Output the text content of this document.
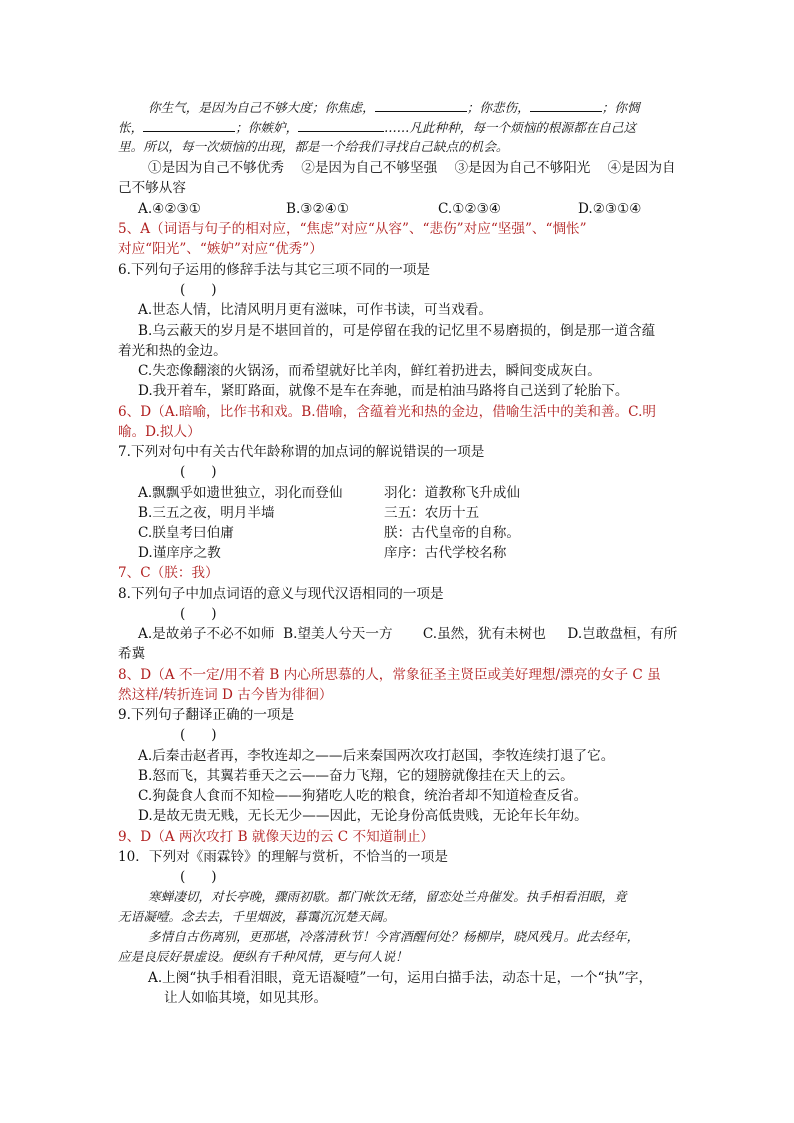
你生气，是因为自己不够大度；你焦虑，	；你悲伤，	；你惆
怅，	；你嫉妒，	……凡此种种，每一个烦恼的根源都在自己这
里。所以，每一次烦恼的出现，都是一个给我们寻找自己缺点的机会。
①是因为自己不够优秀    ②是因为自己不够坚强    ③是因为自己不够阳光    ④是因为自
己不够从容
A.④②③①	B.③②④①	C.①②③④	D.②③①④
5、A（词语与句子的相对应，“焦虑”对应“从容”、“悲伤”对应“坚强”、“惆怅”
对应“阳光”、“嫉妒”对应“优秀”）
6.下列句子运用的修辞手法与其它三项不同的一项是
(      )
A.世态人情，比清风明月更有滋味，可作书读，可当戏看。
B.乌云蔽天的岁月是不堪回首的，可是停留在我的记忆里不易磨损的，倒是那一道含蕴
着光和热的金边。
C.失恋像翻滚的火锅汤，而希望就好比羊肉，鲜红着扔进去，瞬间变成灰白。
D.我开着车，紧盯路面，就像不是车在奔驰，而是柏油马路将自己送到了轮胎下。
6、D（A.暗喻，比作书和戏。B.借喻，含蕴着光和热的金边，借喻生活中的美和善。C.明
喻。D.拟人）
7.下列对句中有关古代年龄称谓的加点词的解说错误的一项是
(      )
A.飘飘乎如遗世独立，羽化而登仙	羽化：道教称飞升成仙
B.三五之夜，明月半墙	三五：农历十五
C.朕皇考曰伯庸	朕：古代皇帝的自称。
D.谨庠序之教	庠序：古代学校名称
7、C（朕：我）
8.下列句子中加点词语的意义与现代汉语相同的一项是
(      )
A.是故弟子不必不如师  B.望美人兮天一方       C.虽然，犹有未树也     D.岂敢盘桓，有所
希冀
8、D（A 不一定/用不着 B 内心所思慕的人，常象征圣主贤臣或美好理想/漂亮的女子 C 虽
然这样/转折连词 D 古今皆为徘徊）
9.下列句子翻译正确的一项是
(      )
A.后秦击赵者再，李牧连却之——后来秦国两次攻打赵国，李牧连续打退了它。
B.怒而飞，其翼若垂天之云——奋力飞翔，它的翅膀就像挂在天上的云。
C.狗彘食人食而不知检——狗猪吃人吃的粮食，统治者却不知道检查反省。
D.是故无贵无贱，无长无少——因此，无论身份高低贵贱，无论年长年幼。
9、D（A 两次攻打 B 就像天边的云 C 不知道制止）
10．下列对《雨霖铃》的理解与赏析，不恰当的一项是
(      )
寒蝉凄切，对长亭晚，骤雨初歇。都门帐饮无绪，留恋处兰舟催发。执手相看泪眼，竟
无语凝噎。念去去，千里烟波，暮霭沉沉楚天阔。
多情自古伤离别，更那堪，冷落清秋节！今宵酒醒何处？杨柳岸，晓风残月。此去经年，
应是良辰好景虚设。便纵有千种风情，更与何人说！
A.上阕“执手相看泪眼，竟无语凝噎”一句，运用白描手法，动态十足，一个“执”字，
让人如临其境，如见其形。
